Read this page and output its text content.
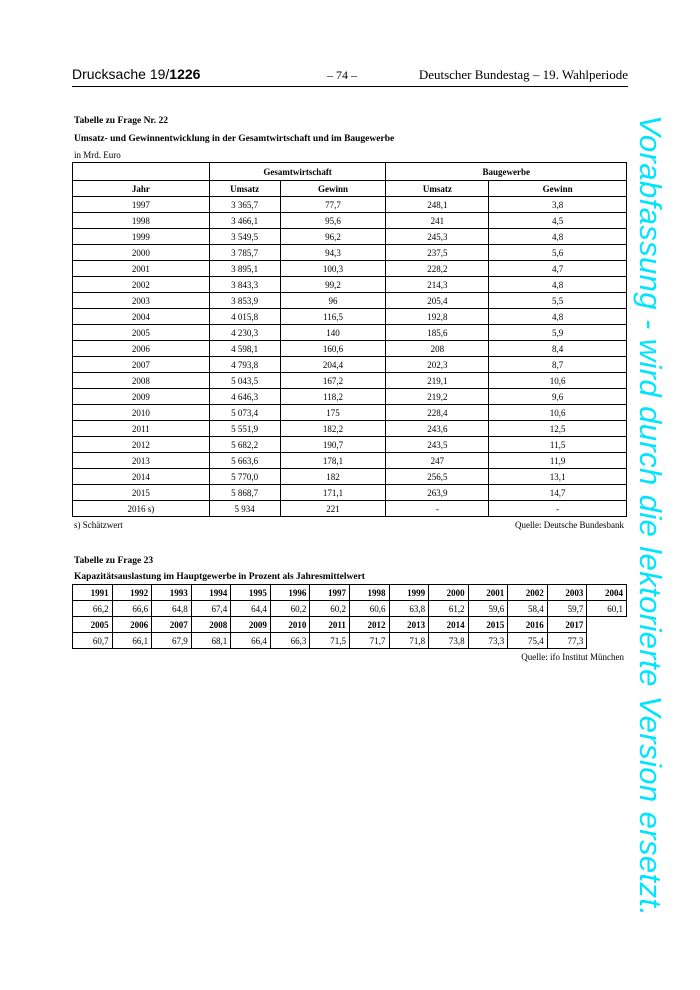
Drucksache 19/1226	– 74 –	Deutscher Bundestag – 19. Wahlperiode
Tabelle zu Frage Nr. 22
Umsatz- und Gewinnentwicklung in der Gesamtwirtschaft und im Baugewerbe
in Mrd. Euro
	Gesamtwirtschaft		Baugewerbe	
Jahr	Umsatz	Gewinn	Umsatz	Gewinn
1997	3 365,7	77,7	248,1	3,8
1998	3 466,1	95,6	241	4,5
1999	3 549,5	96,2	245,3	4,8
2000	3 785,7	94,3	237,5	5,6
2001	3 895,1	100,3	228,2	4,7
2002	3 843,3	99,2	214,3	4,8
2003	3 853,9	96	205,4	5,5
2004	4 015,8	116,5	192,8	4,8
2005	4 230,3	140	185,6	5,9
2006	4 598,1	160,6	208	8,4
2007	4 793,8	204,4	202,3	8,7
2008	5 043,5	167,2	219,1	10,6
2009	4 646,3	118,2	219,2	9,6
2010	5 073,4	175	228,4	10,6
2011	5 551,9	182,2	243,6	12,5
2012	5 682,2	190,7	243,5	11,5
2013	5 663,6	178,1	247	11,9
2014	5 770,0	182	256,5	13,1
2015	5 868,7	171,1	263,9	14,7
2016 s)	5 934	221	-	-
s) Schätzwert	Quelle: Deutsche Bundesbank
Tabelle zu Frage 23
Kapazitätsauslastung im Hauptgewerbe in Prozent als Jahresmittelwert
1991	1992	1993	1994	1995	1996	1997	1998	1999	2000	2001	2002	2003	2004
66,2	66,6	64,8	67,4	64,4	60,2	60,2	60,6	63,8	61,2	59,6	58,4	59,7	60,1
2005	2006	2007	2008	2009	2010	2011	2012	2013	2014	2015	2016	2017	
60,7	66,1	67,9	68,1	66,4	66,3	71,5	71,7	71,8	73,8	73,3	75,4	77,3	
Quelle: ifo Institut München Vorabfassung - wird durch die lektorierte Version ersetzt.
